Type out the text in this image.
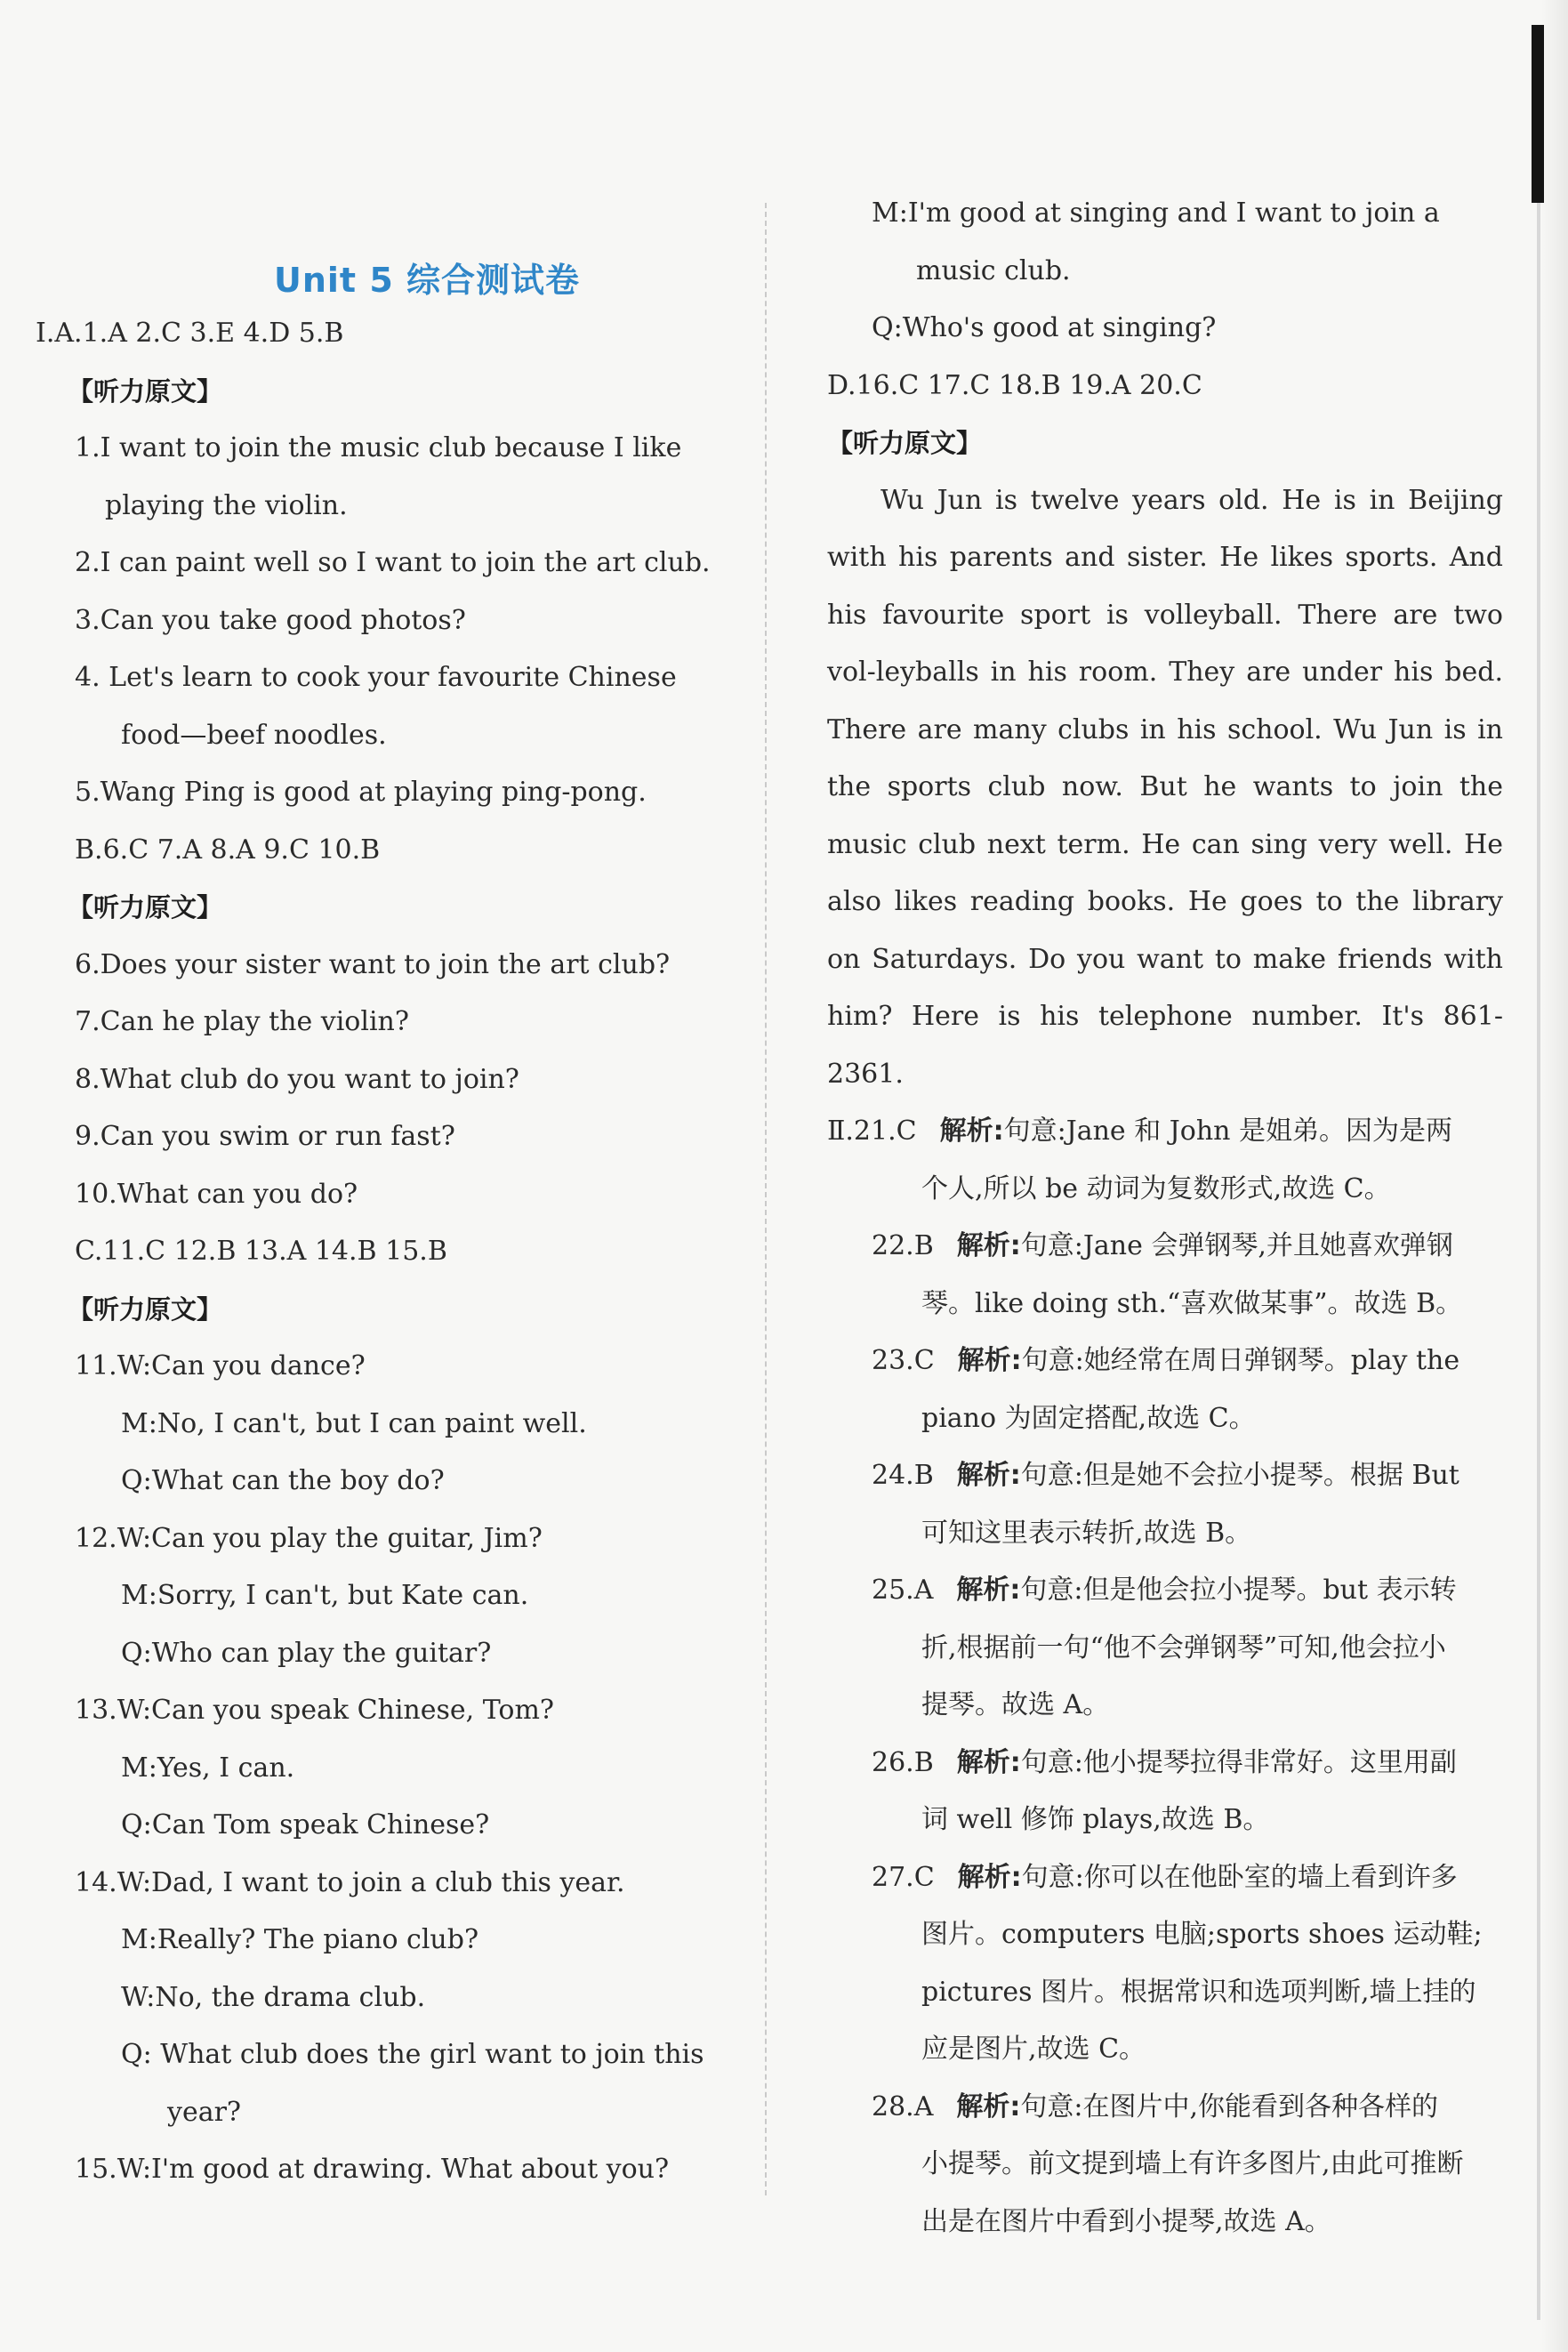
Unit 5 综合测试卷
Ⅰ.A.1.A 2.C 3.E 4.D 5.B
【听力原文】
1.I want to join the music club because I like
playing the violin.
2.I can paint well so I want to join the art club.
3.Can you take good photos?
4. Let's learn to cook your favourite Chinese
food—beef noodles.
5.Wang Ping is good at playing ping-pong.
B.6.C 7.A 8.A 9.C 10.B
【听力原文】
6.Does your sister want to join the art club?
7.Can he play the violin?
8.What club do you want to join?
9.Can you swim or run fast?
10.What can you do?
C.11.C 12.B 13.A 14.B 15.B
【听力原文】
11.W:Can you dance?
M:No, I can't, but I can paint well.
Q:What can the boy do?
12.W:Can you play the guitar, Jim?
M:Sorry, I can't, but Kate can.
Q:Who can play the guitar?
13.W:Can you speak Chinese, Tom?
M:Yes, I can.
Q:Can Tom speak Chinese?
14.W:Dad, I want to join a club this year.
M:Really? The piano club?
W:No, the drama club.
Q: What club does the girl want to join this
year?
15.W:I'm good at drawing. What about you?
M:I'm good at singing and I want to join a
music club.
Q:Who's good at singing?
D.16.C 17.C 18.B 19.A 20.C
【听力原文】
Wu Jun is twelve years old. He is in Beijing with his parents and sister. He likes sports. And his favourite sport is volleyball. There are two vol-leyballs in his room. They are under his bed. There are many clubs in his school. Wu Jun is in the sports club now. But he wants to join the music club next term. He can sing very well. He also likes reading books. He goes to the library on Saturdays. Do you want to make friends with him? Here is his telephone number. It's 861-2361.
Ⅱ.21.C 解析:句意:Jane 和 John 是姐弟。因为是两
个人,所以 be 动词为复数形式,故选 C。
22.B 解析:句意:Jane 会弹钢琴,并且她喜欢弹钢
琴。like doing sth.“喜欢做某事”。故选 B。
23.C 解析:句意:她经常在周日弹钢琴。play the
piano 为固定搭配,故选 C。
24.B 解析:句意:但是她不会拉小提琴。根据 But
可知这里表示转折,故选 B。
25.A 解析:句意:但是他会拉小提琴。but 表示转
折,根据前一句“他不会弹钢琴”可知,他会拉小
提琴。故选 A。
26.B 解析:句意:他小提琴拉得非常好。这里用副
词 well 修饰 plays,故选 B。
27.C 解析:句意:你可以在他卧室的墙上看到许多
图片。computers 电脑;sports shoes 运动鞋;
pictures 图片。根据常识和选项判断,墙上挂的
应是图片,故选 C。
28.A 解析:句意:在图片中,你能看到各种各样的
小提琴。前文提到墙上有许多图片,由此可推断
出是在图片中看到小提琴,故选 A。
